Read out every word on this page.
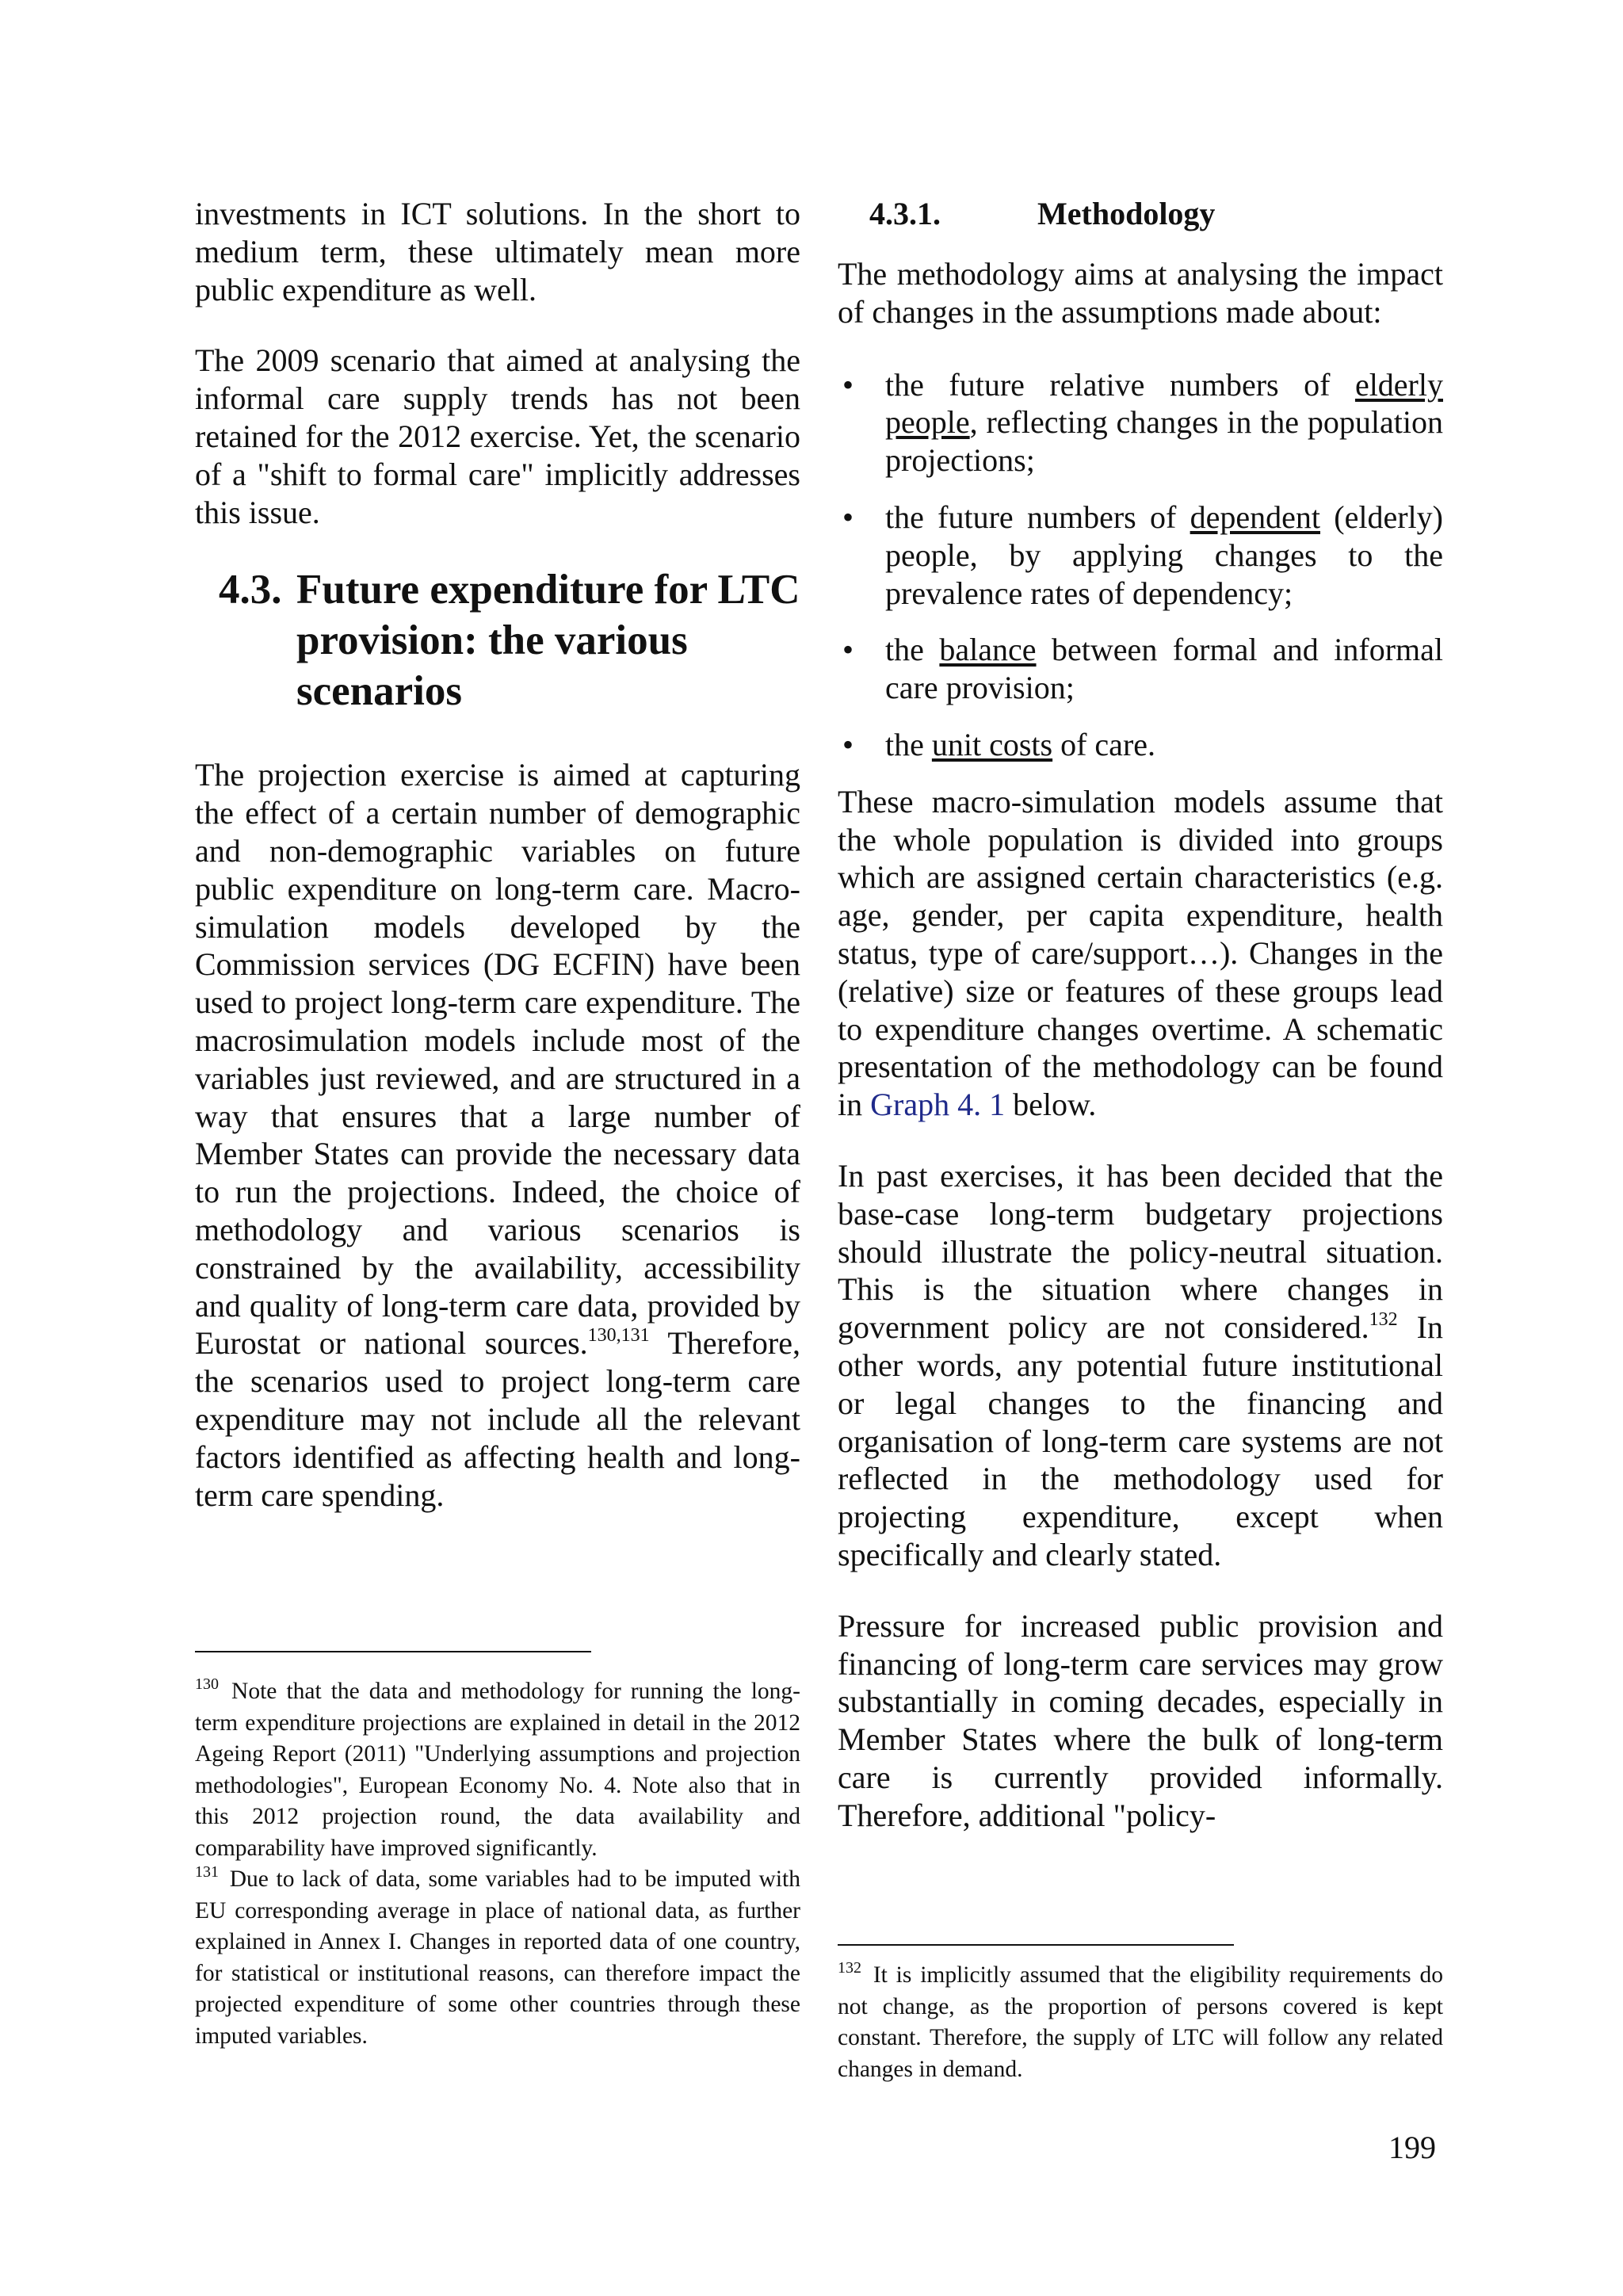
investments in ICT solutions. In the short to medium term, these ultimately mean more public expenditure as well.

The 2009 scenario that aimed at analysing the informal care supply trends has not been retained for the 2012 exercise. Yet, the scenario of a "shift to formal care" implicitly addresses this issue.

4.3. Future expenditure for LTC provision: the various scenarios

The projection exercise is aimed at capturing the effect of a certain number of demographic and non-demographic variables on future public expenditure on long-term care. Macro-simulation models developed by the Commission services (DG ECFIN) have been used to project long-term care expenditure. The macrosimulation models include most of the variables just reviewed, and are structured in a way that ensures that a large number of Member States can provide the necessary data to run the projections. Indeed, the choice of methodology and various scenarios is constrained by the availability, accessibility and quality of long-term care data, provided by Eurostat or national sources.$^{130,131}$ Therefore, the scenarios used to project long-term care expenditure may not include all the relevant factors identified as affecting health and long-term care spending.

4.3.1.	Methodology

The methodology aims at analysing the impact of changes in the assumptions made about:

• the future relative numbers of elderly people, reflecting changes in the population projections;
• the future numbers of dependent (elderly) people, by applying changes to the prevalence rates of dependency;
• the balance between formal and informal care provision;
• the unit costs of care.

These macro-simulation models assume that the whole population is divided into groups which are assigned certain characteristics (e.g. age, gender, per capita expenditure, health status, type of care/support…). Changes in the (relative) size or features of these groups lead to expenditure changes overtime. A schematic presentation of the methodology can be found in Graph 4. 1 below.

In past exercises, it has been decided that the base-case long-term budgetary projections should illustrate the policy-neutral situation. This is the situation where changes in government policy are not considered.$^{132}$ In other words, any potential future institutional or legal changes to the financing and organisation of long-term care systems are not reflected in the methodology used for projecting expenditure, except when specifically and clearly stated.

Pressure for increased public provision and financing of long-term care services may grow substantially in coming decades, especially in Member States where the bulk of long-term care is currently provided informally. Therefore, additional "policy-

$^{130}$ Note that the data and methodology for running the long-term expenditure projections are explained in detail in the 2012 Ageing Report (2011) "Underlying assumptions and projection methodologies", European Economy No. 4. Note also that in this 2012 projection round, the data availability and comparability have improved significantly.

$^{131}$ Due to lack of data, some variables had to be imputed with EU corresponding average in place of national data, as further explained in Annex I. Changes in reported data of one country, for statistical or institutional reasons, can therefore impact the projected expenditure of some other countries through these imputed variables.

$^{132}$ It is implicitly assumed that the eligibility requirements do not change, as the proportion of persons covered is kept constant. Therefore, the supply of LTC will follow any related changes in demand.

199
